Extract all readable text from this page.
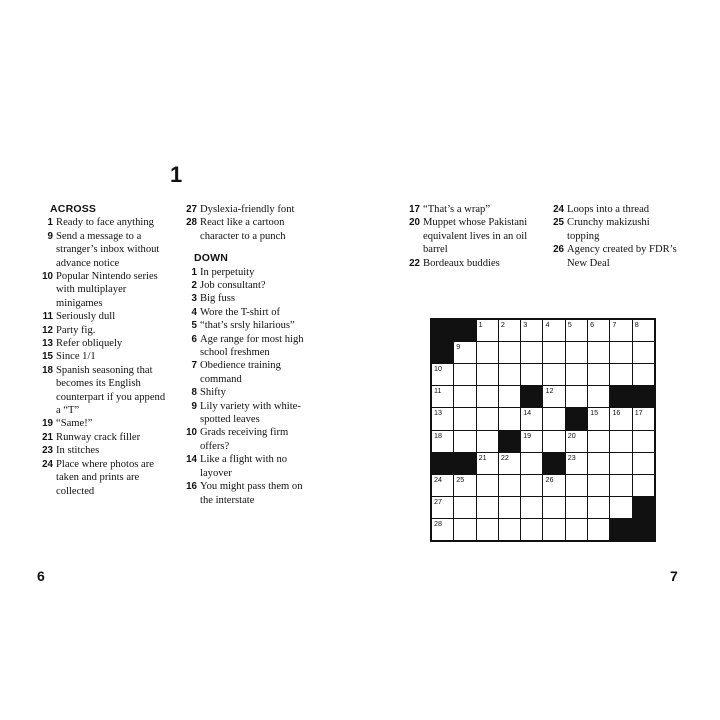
1
ACROSS
1 Ready to face anything
9 Send a message to a stranger’s inbox without advance notice
10 Popular Nintendo series with multiplayer minigames
11 Seriously dull
12 Party fig.
13 Refer obliquely
15 Since 1/1
18 Spanish seasoning that becomes its English counterpart if you append a “T”
19 “Same!”
21 Runway crack filler
23 In stitches
24 Place where photos are taken and prints are collected
27 Dyslexia-friendly font
28 React like a cartoon character to a punch
DOWN
1 In perpetuity
2 Job consultant?
3 Big fuss
4 Wore the T-shirt of
5 “that’s srsly hilarious”
6 Age range for most high school freshmen
7 Obedience training command
8 Shifty
9 Lily variety with white-spotted leaves
10 Grads receiving firm offers?
14 Like a flight with no layover
16 You might pass them on the interstate
17 “That’s a wrap”
20 Muppet whose Pakistani equivalent lives in an oil barrel
22 Bordeaux buddies
24 Loops into a thread
25 Crunchy makizushi topping
26 Agency created by FDR’s New Deal
1	2	3	4	5	6	7	8
9
10
11	12
13	14	15 16 17
18	19	20
21 22	23
24 25	26
27
28
6	7
